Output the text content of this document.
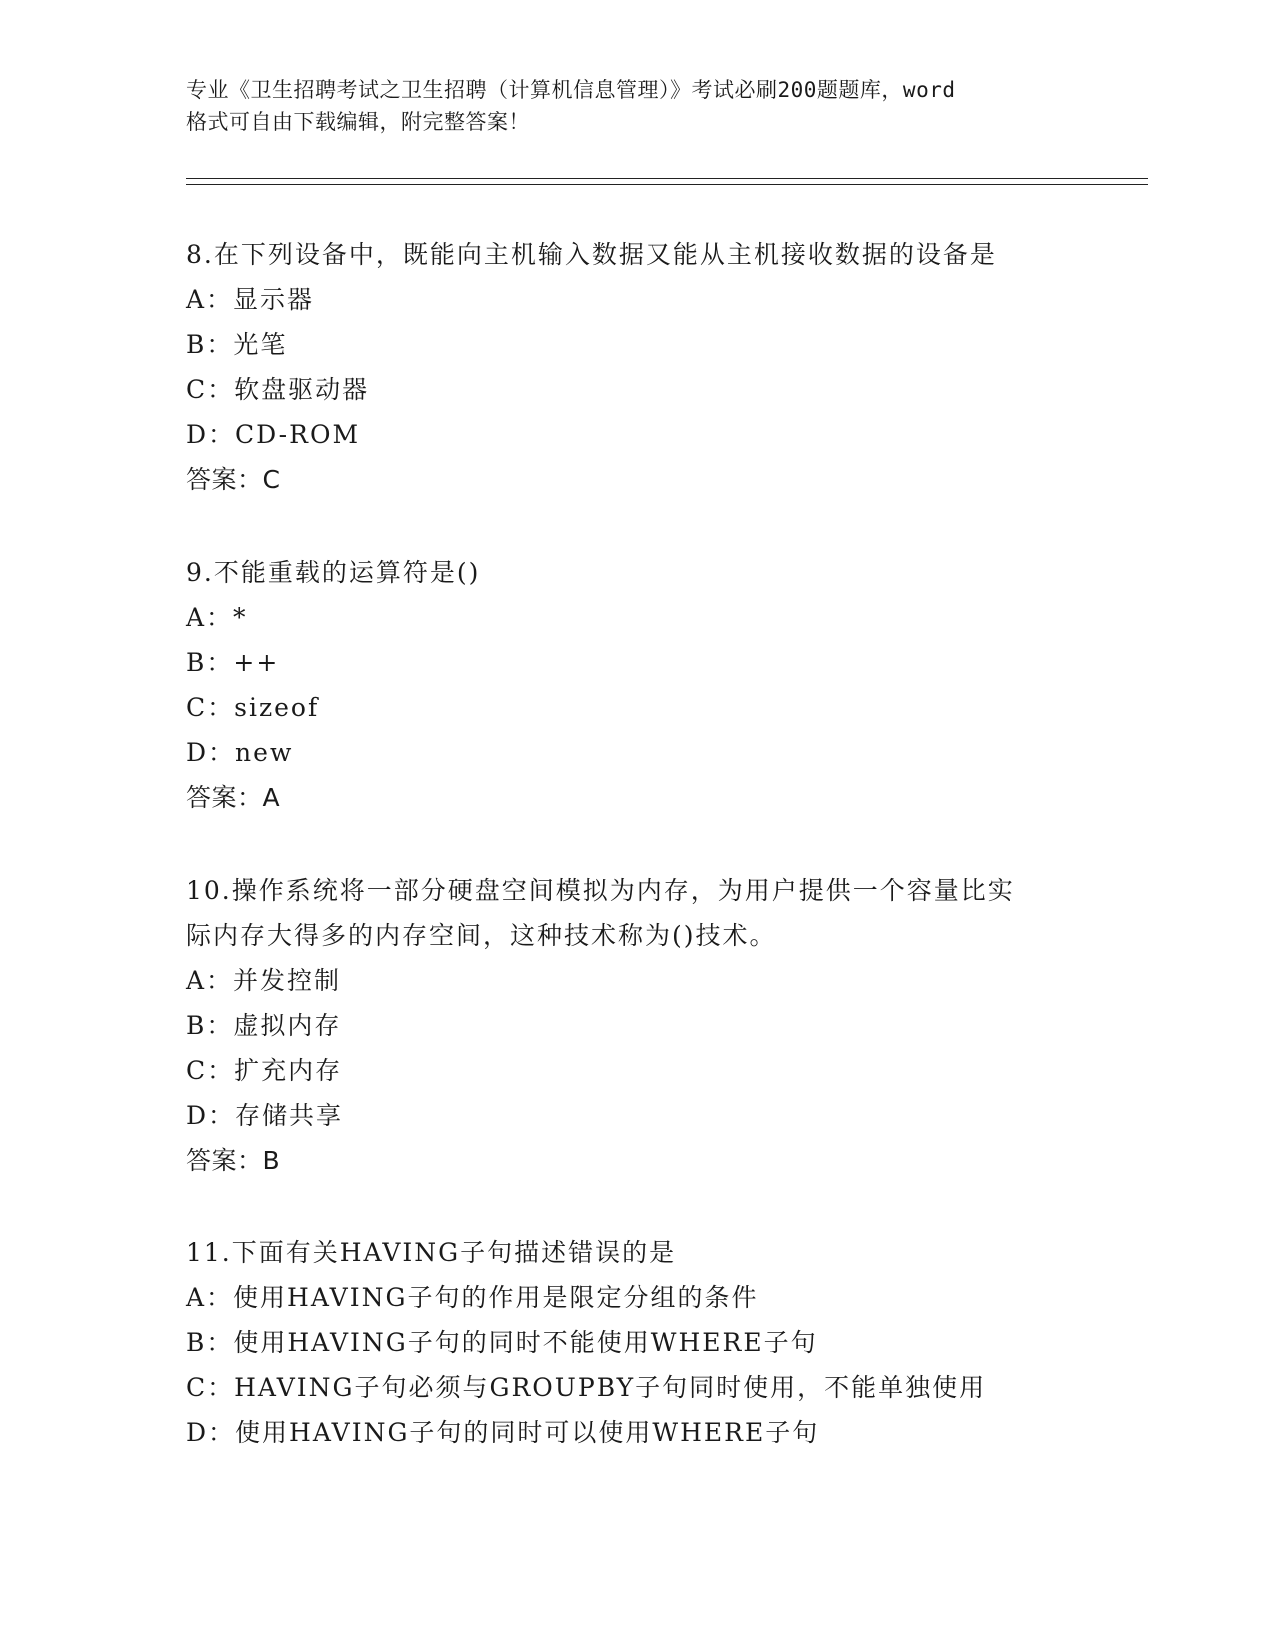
专业《卫生招聘考试之卫生招聘（计算机信息管理）》考试必刷200题题库，word
格式可自由下载编辑，附完整答案！
8.在下列设备中，既能向主机输入数据又能从主机接收数据的设备是
A：显示器
B：光笔
C：软盘驱动器
D：CD-ROM
答案：C
9.不能重载的运算符是()
A：*
B：++
C：sizeof
D：new
答案：A
10.操作系统将一部分硬盘空间模拟为内存，为用户提供一个容量比实
际内存大得多的内存空间，这种技术称为()技术。
A：并发控制
B：虚拟内存
C：扩充内存
D：存储共享
答案：B
11.下面有关HAVING子句描述错误的是
A：使用HAVING子句的作用是限定分组的条件
B：使用HAVING子句的同时不能使用WHERE子句
C：HAVING子句必须与GROUPBY子句同时使用，不能单独使用
D：使用HAVING子句的同时可以使用WHERE子句
